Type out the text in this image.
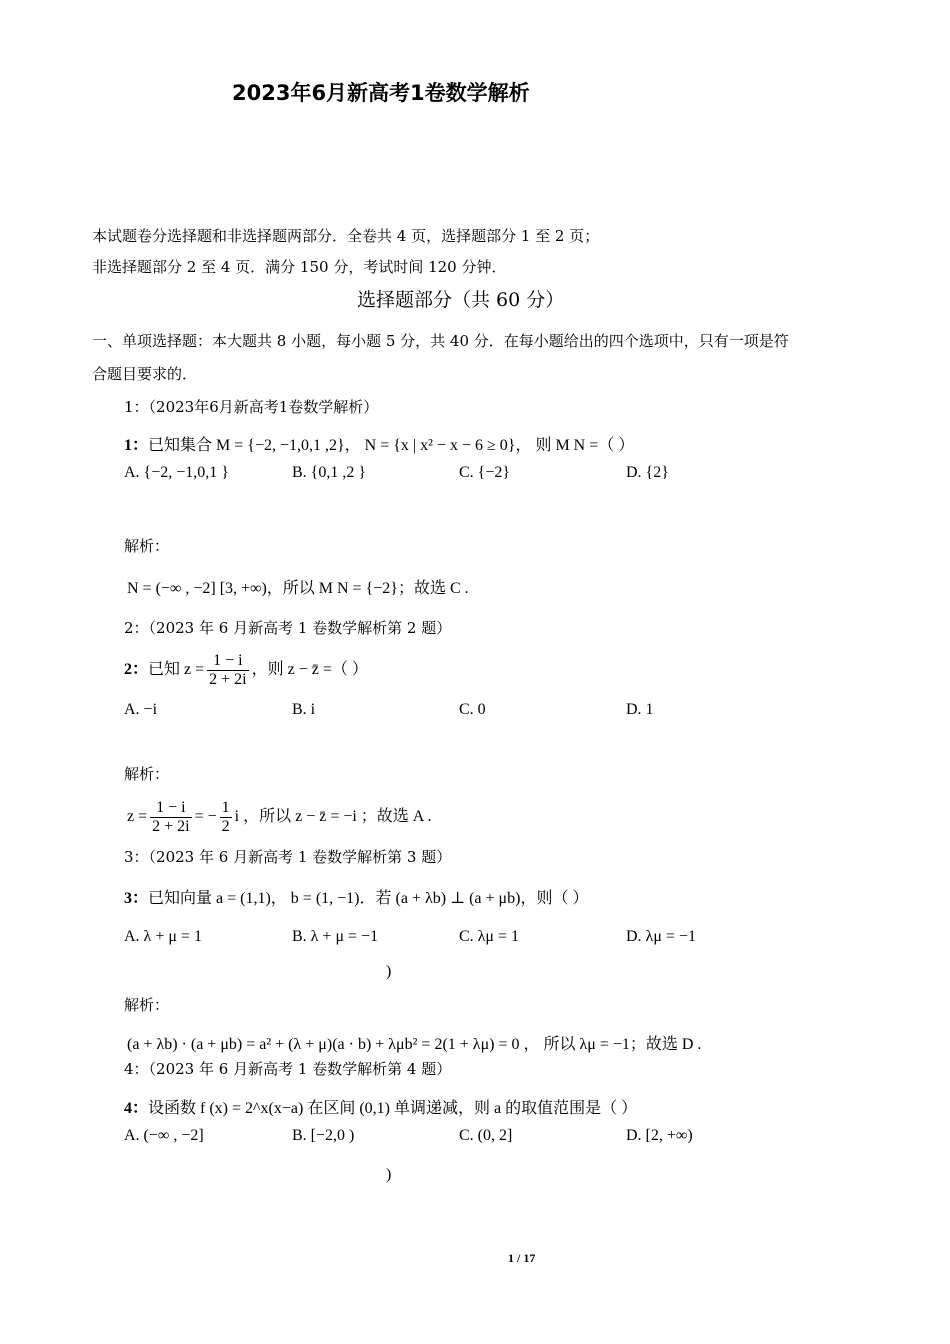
2023年6月新高考1卷数学解析
本试题卷分选择题和非选择题两部分．全卷共 4 页，选择题部分 1 至 2 页；
非选择题部分 2 至 4 页．满分 150 分，考试时间 120 分钟．
选择题部分（共 60 分）
一、单项选择题：本大题共 8 小题，每小题 5 分，共 40 分．在每小题给出的四个选项中，只有一项是符
合题目要求的．
1：（2023年6月新高考1卷数学解析）
1：已知集合 M = {−2, −1,0,1 ,2}， N = {x | x² − x − 6 ≥ 0}， 则 M N =（ ）
A. {−2, −1,0,1 }	B. {0,1 ,2 }	C. {−2}	D. {2}
解析：
N = (−∞ , −2] [3, +∞)，所以 M N = {−2}；故选 C .
2：（2023 年 6 月新高考 1 卷数学解析第 2 题）
2：已知 $z = \frac{1 - i}{2 + 2i}$ ，则 z − z̄ =（ ）
A. −i	B. i	C. 0	D. 1
解析：
$z = \frac{1 - i}{2 + 2i}$ = − $\frac{1}{2}$ i ，所以 z − z̄ = −i ；故选 A .
3：（2023 年 6 月新高考 1 卷数学解析第 3 题）
3：已知向量 a = (1,1)， b = (1, −1)．若 (a + λb) ⊥ (a + μb)，则（ ）
A. λ + μ = 1	B. λ + μ = −1	C. λμ = 1	D. λμ = −1
)
解析：
(a + λb) · (a + μb) = a² + (λ + μ)(a · b) + λμb² = 2(1 + λμ) = 0 ， 所以 λμ = −1；故选 D .
4：（2023 年 6 月新高考 1 卷数学解析第 4 题）
4：设函数 f (x) = 2^x(x−a) 在区间 (0,1) 单调递减，则 a 的取值范围是（ ）
A. (−∞ , −2]	B. [−2,0 )	C. (0, 2]	D. [2, +∞)
)
1 / 17
